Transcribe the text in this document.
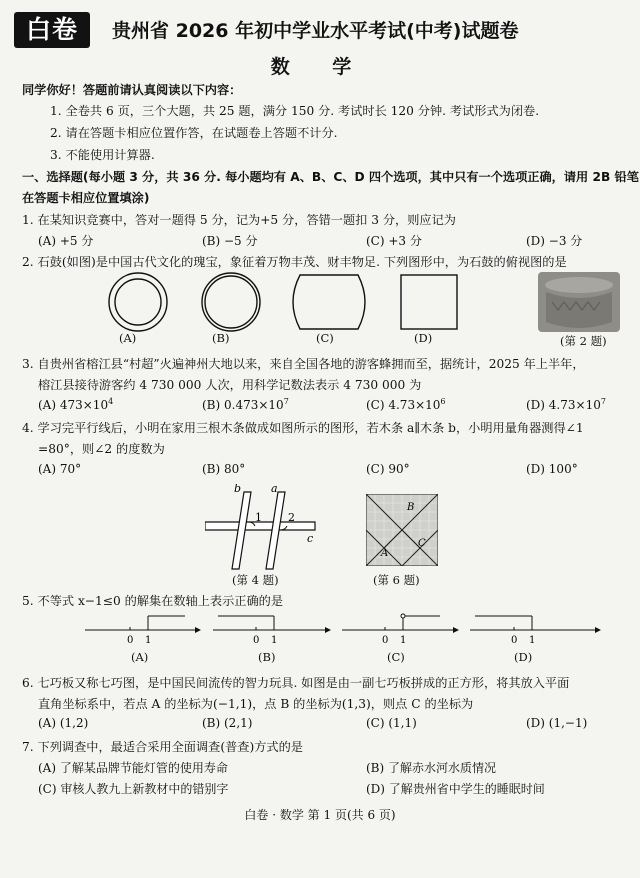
白卷	贵州省 2026 年初中学业水平考试(中考)试题卷
数 学
同学你好！答题前请认真阅读以下内容：
1. 全卷共 6 页，三个大题，共 25 题，满分 150 分. 考试时长 120 分钟. 考试形式为闭卷.
2. 请在答题卡相应位置作答，在试题卷上答题不计分.
3. 不能使用计算器.
一、选择题(每小题 3 分，共 36 分. 每小题均有 A、B、C、D 四个选项，其中只有一个选项正确，请用 2B 铅笔
在答题卡相应位置填涂)
1. 在某知识竞赛中，答对一题得 5 分，记为+5 分，答错一题扣 3 分，则应记为
(A) +5 分	(B) −5 分	(C) +3 分	(D) −3 分
2. 石鼓(如图)是中国古代文化的瑰宝，象征着万物丰茂、财丰物足. 下列图形中，为石鼓的俯视图的是
(A)	(B)	(C)	(D)	(第 2 题)
3. 自贵州省榕江县“村超”火遍神州大地以来，来自全国各地的游客蜂拥而至，据统计，2025 年上半年，
榕江县接待游客约 4 730 000 人次，用科学记数法表示 4 730 000 为
(A) $473\times 10^4$	(B) $0.473\times 10^7$	(C) $4.73\times 10^6$	(D) $4.73\times 10^7$
4. 学习完平行线后，小明在家用三根木条做成如图所示的图形，若木条 a∥木条 b，小明用量角器测得∠1
=80°，则∠2 的度数为
(A) 70°	(B) 80°	(C) 90°	(D) 100°
b	a
c
1 2
(第 4 题)
B
A
C
(第 6 题)
5. 不等式 x−1≤0 的解集在数轴上表示正确的是
0 1	0 1	0 1	0 1
(A)	(B)	(C)	(D)
6. 七巧板又称七巧图，是中国民间流传的智力玩具. 如图是由一副七巧板拼成的正方形，将其放入平面
直角坐标系中，若点 A 的坐标为(−1,1)，点 B 的坐标为(1,3)，则点 C 的坐标为
(A) (1,2)	(B) (2,1)	(C) (1,1)	(D) (1,−1)
7. 下列调查中，最适合采用全面调查(普查)方式的是
(A) 了解某品牌节能灯管的使用寿命	(B) 了解赤水河水质情况
(C) 审核人教九上新教材中的错别字	(D) 了解贵州省中学生的睡眠时间
白卷 · 数学 第 1 页(共 6 页)
